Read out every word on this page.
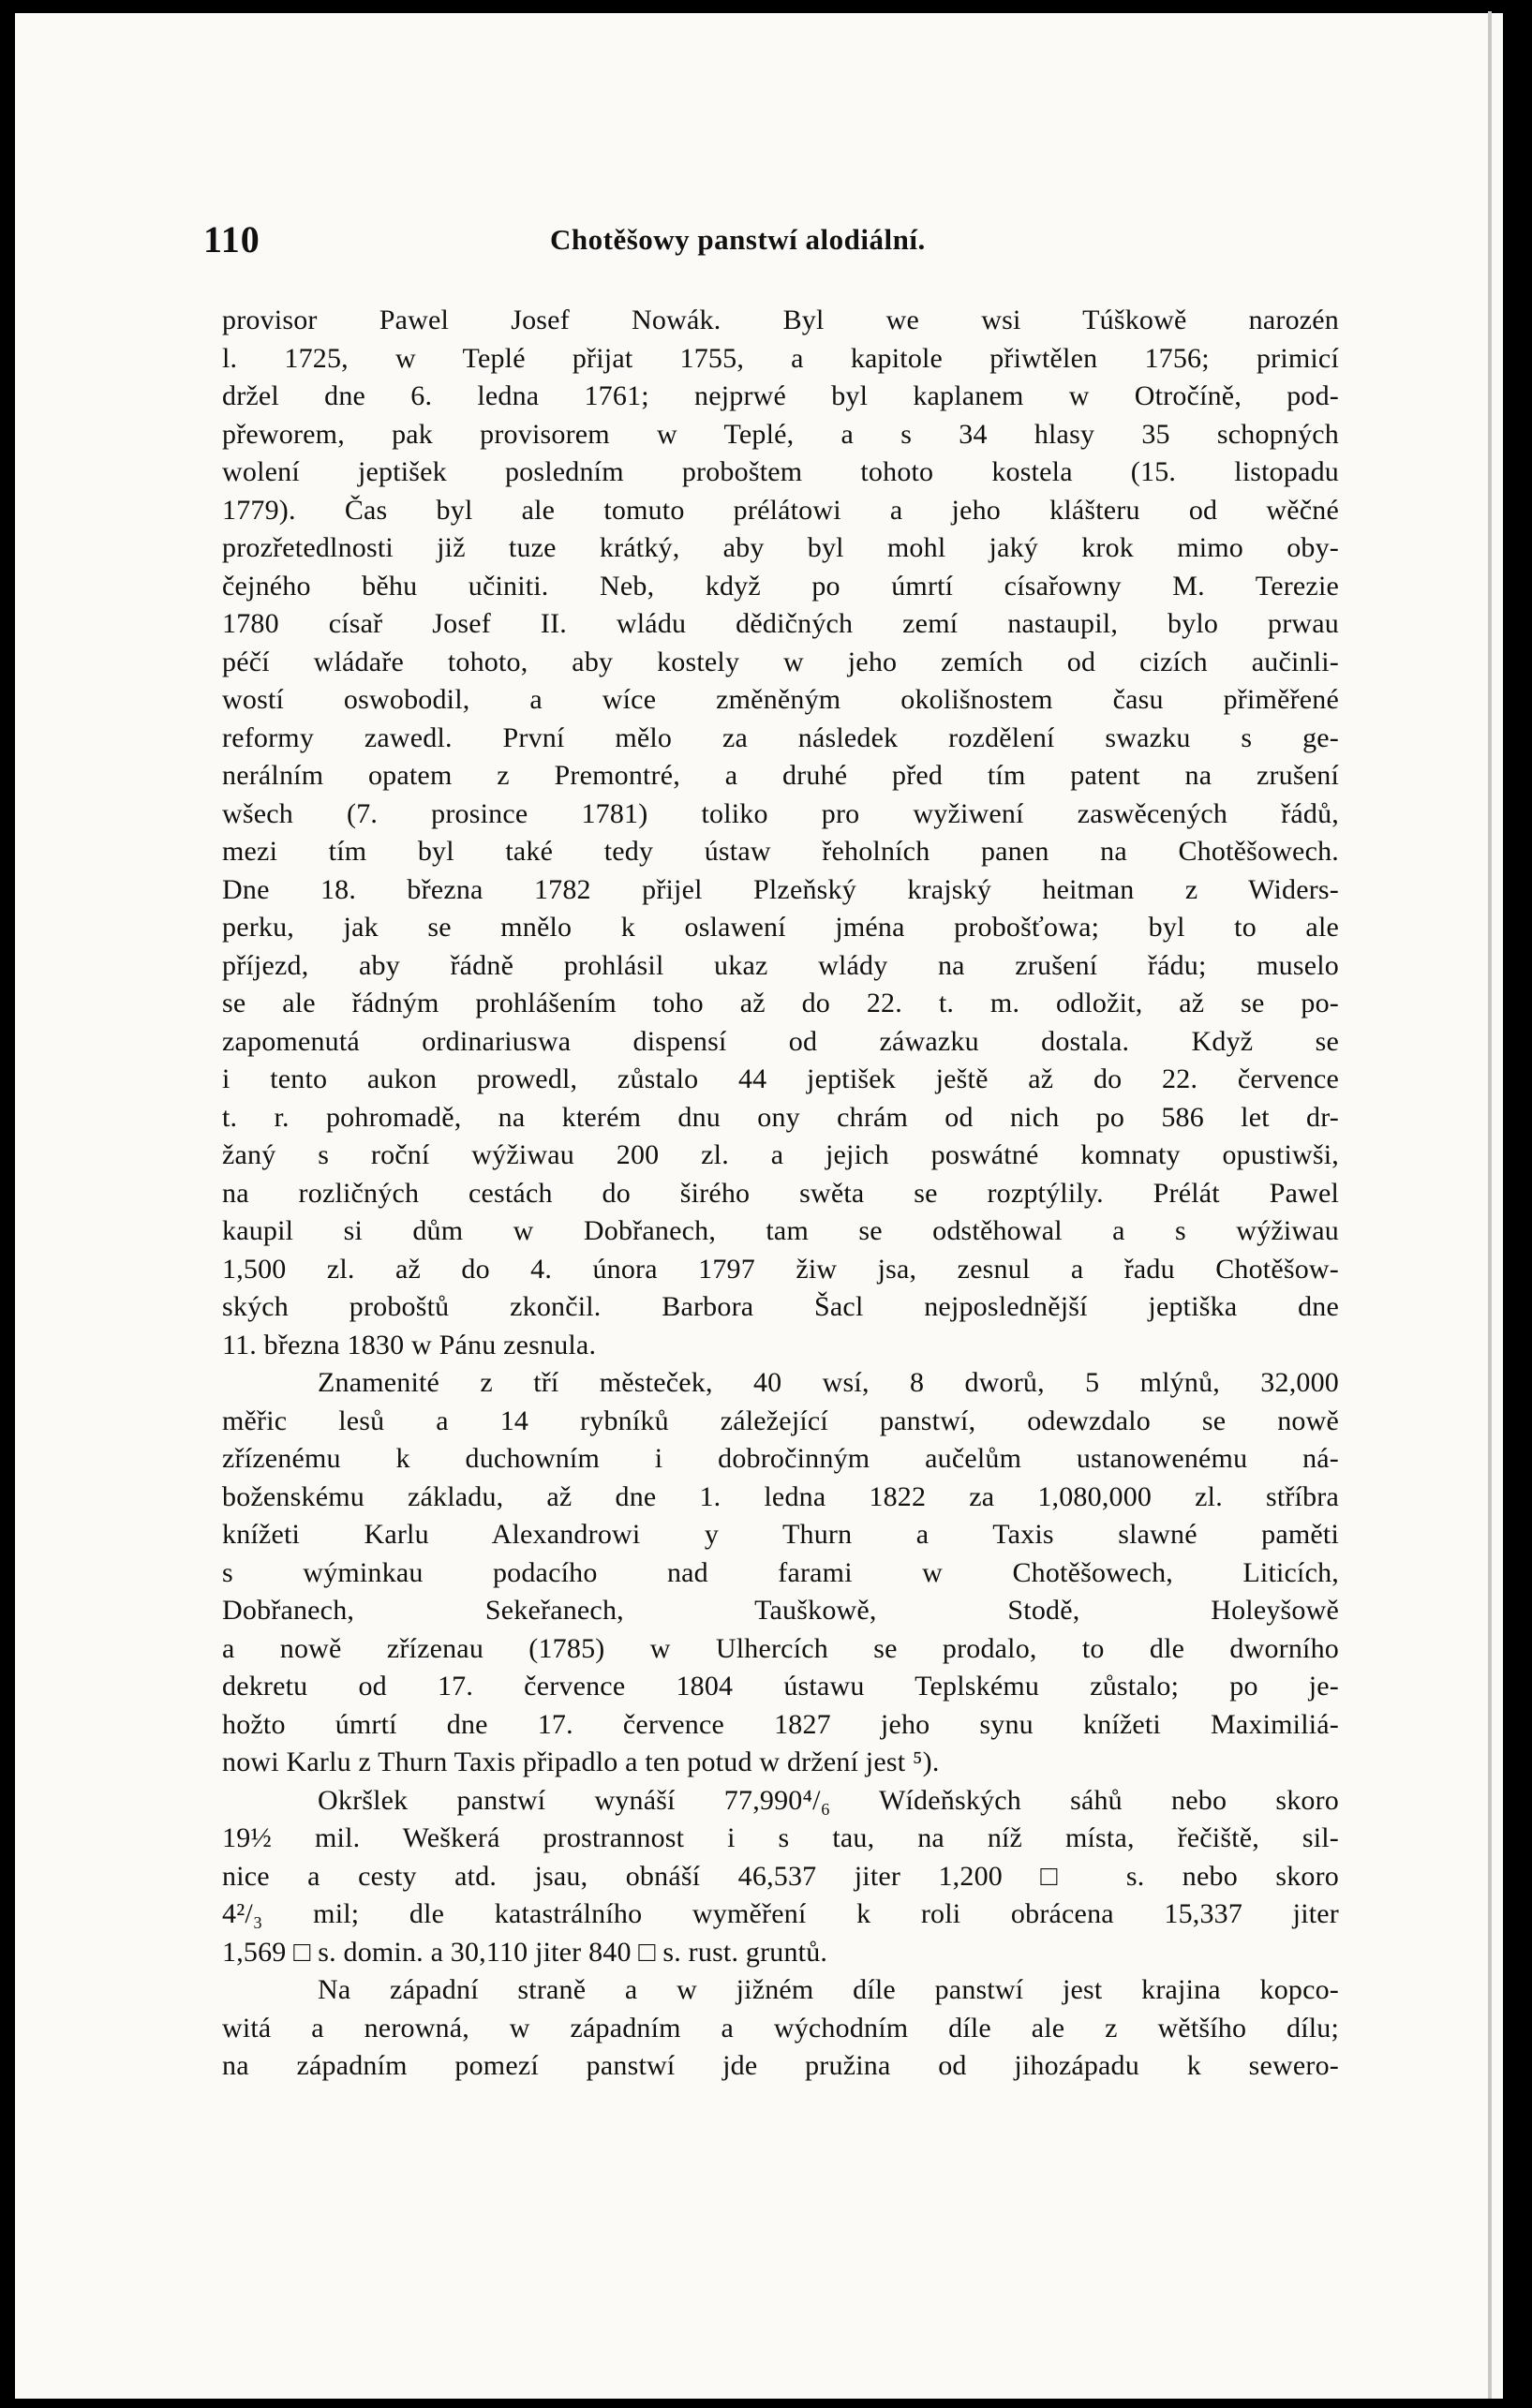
110	Chotěšowy panstwí alodiální.
provisor Pawel Josef Nowák. Byl we wsi Túškowě narozén
l. 1725, w Teplé přijat 1755, a kapitole přiwtělen 1756; primicí
držel dne 6. ledna 1761; nejprwé byl kaplanem w Otročíně, pod-
přeworem, pak provisorem w Teplé, a s 34 hlasy 35 schopných
wolení jeptišek posledním proboštem tohoto kostela (15. listopadu
1779). Čas byl ale tomuto prélátowi a jeho klášteru od wěčné
prozřetedlnosti již tuze krátký, aby byl mohl jaký krok mimo oby-
čejného běhu učiniti. Neb, když po úmrtí císařowny M. Terezie
1780 císař Josef II. wládu dědičných zemí nastaupil, bylo prwau
péčí wládaře tohoto, aby kostely w jeho zemích od cizích aučinli-
wostí oswobodil, a wíce změněným okolišnostem času přiměřené
reformy zawedl. První mělo za následek rozdělení swazku s ge-
nerálním opatem z Premontré, a druhé před tím patent na zrušení
wšech (7. prosince 1781) toliko pro wyžiwení zaswěcených řádů,
mezi tím byl také tedy ústaw řeholních panen na Chotěšowech.
Dne 18. března 1782 přijel Plzeňský krajský heitman z Widers-
perku, jak se mnělo k oslawení jména probošťowa; byl to ale
příjezd, aby řádně prohlásil ukaz wlády na zrušení řádu; muselo
se ale řádným prohlášením toho až do 22. t. m. odložit, až se po-
zapomenutá ordinariuswa dispensí od záwazku dostala. Když se
i tento aukon prowedl, zůstalo 44 jeptišek ještě až do 22. července
t. r. pohromadě, na kterém dnu ony chrám od nich po 586 let dr-
žaný s roční wýžiwau 200 zl. a jejich poswátné komnaty opustiwši,
na rozličných cestách do širého swěta se rozptýlily. Prélát Pawel
kaupil si dům w Dobřanech, tam se odstěhowal a s wýžiwau
1,500 zl. až do 4. února 1797 žiw jsa, zesnul a řadu Chotěšow-
ských proboštů zkončil. Barbora Šacl nejposlednější jeptiška dne
11. března 1830 w Pánu zesnula.
Znamenité z tří městeček, 40 wsí, 8 dworů, 5 mlýnů, 32,000
měřic lesů a 14 rybníků záležející panstwí, odewzdalo se nowě
zřízenému k duchowním i dobročinným aučelům ustanowenému ná-
boženskému základu, až dne 1. ledna 1822 za 1,080,000 zl. stříbra
knížeti Karlu Alexandrowi y Thurn a Taxis slawné paměti
s wýminkau podacího nad farami w Chotěšowech, Liticích,
Dobřanech, Sekeřanech, Tauškowě, Stodě, Holeyšowě
a nowě zřízenau (1785) w Ulhercích se prodalo, to dle dworního
dekretu od 17. července 1804 ústawu Teplskému zůstalo; po je-
hožto úmrtí dne 17. července 1827 jeho synu knížeti Maximiliá-
nowi Karlu z Thurn Taxis připadlo a ten potud w držení jest ⁵).
Okršlek panstwí wynáší 77,990⁴/₆ Wídeňských sáhů nebo skoro
19½ mil. Weškerá prostrannost i s tau, na níž místa, řečiště, sil-
nice a cesty atd. jsau, obnáší 46,537 jiter 1,200 □ s. nebo skoro
4²/₃ mil; dle katastrálního wyměření k roli obrácena 15,337 jiter
1,569 □ s. domin. a 30,110 jiter 840 □ s. rust. gruntů.
Na západní straně a w jižném díle panstwí jest krajina kopco-
witá a nerowná, w západním a wýchodním díle ale z wětšího dílu;
na západním pomezí panstwí jde pružina od jihozápadu k sewero-
